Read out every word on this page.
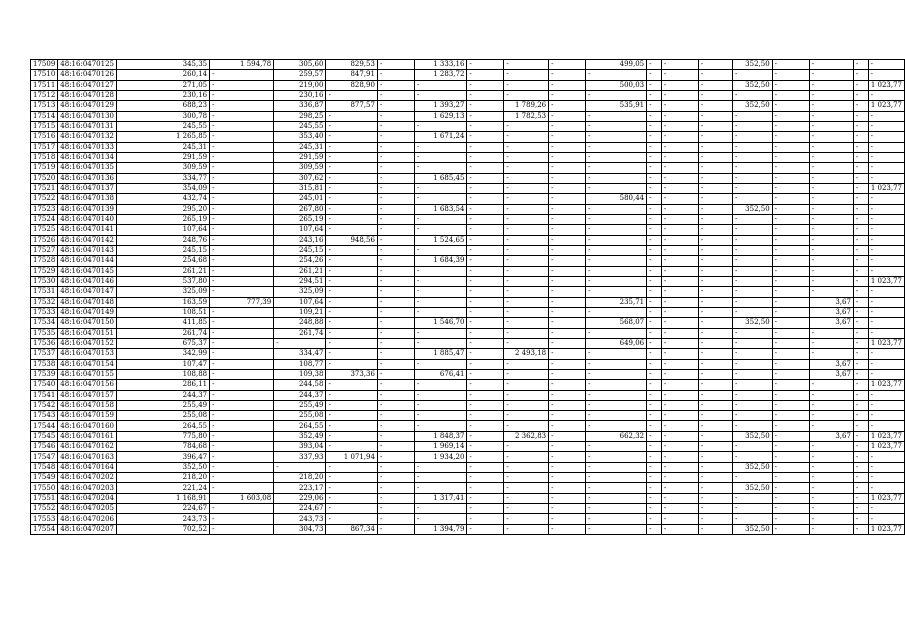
17509	48:16:0470125	345,35	1 594,78	305,60	829,53	-	1 333,16	-	-	-	499,05	-	-	-	352,50	-	-	-	-
17510	48:16:0470126	260,14	-	259,57	847,91	-	1 283,72	-	-	-	-	-	-	-	-	-	-	-	-
17511	48:16:0470127	271,05	-	219,00	828,90	-	-	-	-	-	500,03	-	-	-	352,50	-	-	-	1 023,77
17512	48:16:0470128	230,16	-	230,16	-	-	-	-	-	-	-	-	-	-	-	-	-	-	-
17513	48:16:0470129	688,23	-	336,87	877,57	-	1 393,27	-	1 789,26	-	535,91	-	-	-	352,50	-	-	-	1 023,77
17514	48:16:0470130	300,78	-	298,25	-	-	1 629,13	-	1 782,53	-	-	-	-	-	-	-	-	-	-
17515	48:16:0470131	245,55	-	245,55	-	-	-	-	-	-	-	-	-	-	-	-	-	-	-
17516	48:16:0470132	1 265,85	-	353,40	-	-	1 671,24	-	-	-	-	-	-	-	-	-	-	-	-
17517	48:16:0470133	245,31	-	245,31	-	-	-	-	-	-	-	-	-	-	-	-	-	-	-
17518	48:16:0470134	291,59	-	291,59	-	-	-	-	-	-	-	-	-	-	-	-	-	-	-
17519	48:16:0470135	309,59	-	309,59	-	-	-	-	-	-	-	-	-	-	-	-	-	-	-
17520	48:16:0470136	334,77	-	307,62	-	-	1 685,45	-	-	-	-	-	-	-	-	-	-	-	-
17521	48:16:0470137	354,09	-	315,81	-	-	-	-	-	-	-	-	-	-	-	-	-	-	1 023,77
17522	48:16:0470138	432,74	-	245,01	-	-	-	-	-	-	580,44	-	-	-	-	-	-	-	-
17523	48:16:0470139	295,20	-	267,80	-	-	1 683,54	-	-	-	-	-	-	-	352,50	-	-	-	-
17524	48:16:0470140	265,19	-	265,19	-	-	-	-	-	-	-	-	-	-	-	-	-	-	-
17525	48:16:0470141	107,64	-	107,64	-	-	-	-	-	-	-	-	-	-	-	-	-	-	-
17526	48:16:0470142	248,76	-	243,16	948,56	-	1 524,65	-	-	-	-	-	-	-	-	-	-	-	-
17527	48:16:0470143	245,15	-	245,15	-	-	-	-	-	-	-	-	-	-	-	-	-	-	-
17528	48:16:0470144	254,68	-	254,26	-	-	1 684,39	-	-	-	-	-	-	-	-	-	-	-	-
17529	48:16:0470145	261,21	-	261,21	-	-	-	-	-	-	-	-	-	-	-	-	-	-	-
17530	48:16:0470146	537,80	-	294,51	-	-	-	-	-	-	-	-	-	-	-	-	-	-	1 023,77
17531	48:16:0470147	325,09	-	325,09	-	-	-	-	-	-	-	-	-	-	-	-	-	-	-
17532	48:16:0470148	163,59	777,39	107,64	-	-	-	-	-	-	235,71	-	-	-	-	-	3,67	-	-
17533	48:16:0470149	108,51	-	109,21	-	-	-	-	-	-	-	-	-	-	-	-	3,67	-	-
17534	48:16:0470150	411,85	-	248,88	-	-	1 546,70	-	-	-	568,07	-	-	-	352,50	-	3,67	-	-
17535	48:16:0470151	261,74	-	261,74	-	-	-	-	-	-	-	-	-	-	-	-	-	-	-
17536	48:16:0470152	675,37	-	-	-	-	-	-	-	-	649,06	-	-	-	-	-	-	-	1 023,77
17537	48:16:0470153	342,99	-	334,47	-	-	1 885,47	-	2 493,18	-	-	-	-	-	-	-	-	-	-
17538	48:16:0470154	107,47	-	108,77	-	-	-	-	-	-	-	-	-	-	-	-	3,67	-	-
17539	48:16:0470155	108,88	-	109,38	373,36	-	676,41	-	-	-	-	-	-	-	-	-	3,67	-	-
17540	48:16:0470156	286,11	-	244,58	-	-	-	-	-	-	-	-	-	-	-	-	-	-	1 023,77
17541	48:16:0470157	244,37	-	244,37	-	-	-	-	-	-	-	-	-	-	-	-	-	-	-
17542	48:16:0470158	255,49	-	255,49	-	-	-	-	-	-	-	-	-	-	-	-	-	-	-
17543	48:16:0470159	255,08	-	255,08	-	-	-	-	-	-	-	-	-	-	-	-	-	-	-
17544	48:16:0470160	264,55	-	264,55	-	-	-	-	-	-	-	-	-	-	-	-	-	-	-
17545	48:16:0470161	775,80	-	352,49	-	-	1 848,37	-	2 362,83	-	662,32	-	-	-	352,50	-	3,67	-	1 023,77
17546	48:16:0470162	784,68	-	393,04	-	-	1 969,14	-	-	-	-	-	-	-	-	-	-	-	1 023,77
17547	48:16:0470163	396,47	-	337,93	1 071,94	-	1 934,20	-	-	-	-	-	-	-	-	-	-	-	-
17548	48:16:0470164	352,50	-	-	-	-	-	-	-	-	-	-	-	-	352,50	-	-	-	-
17549	48:16:0470202	218,20	-	218,20	-	-	-	-	-	-	-	-	-	-	-	-	-	-	-
17550	48:16:0470203	221,24	-	223,17	-	-	-	-	-	-	-	-	-	-	352,50	-	-	-	-
17551	48:16:0470204	1 168,91	1 603,08	229,06	-	-	1 317,41	-	-	-	-	-	-	-	-	-	-	-	1 023,77
17552	48:16:0470205	224,67	-	224,67	-	-	-	-	-	-	-	-	-	-	-	-	-	-	-
17553	48:16:0470206	243,73	-	243,73	-	-	-	-	-	-	-	-	-	-	-	-	-	-	-
17554	48:16:0470207	702,52	-	304,73	867,34	-	1 394,79	-	-	-	-	-	-	-	352,50	-	-	-	1 023,77
